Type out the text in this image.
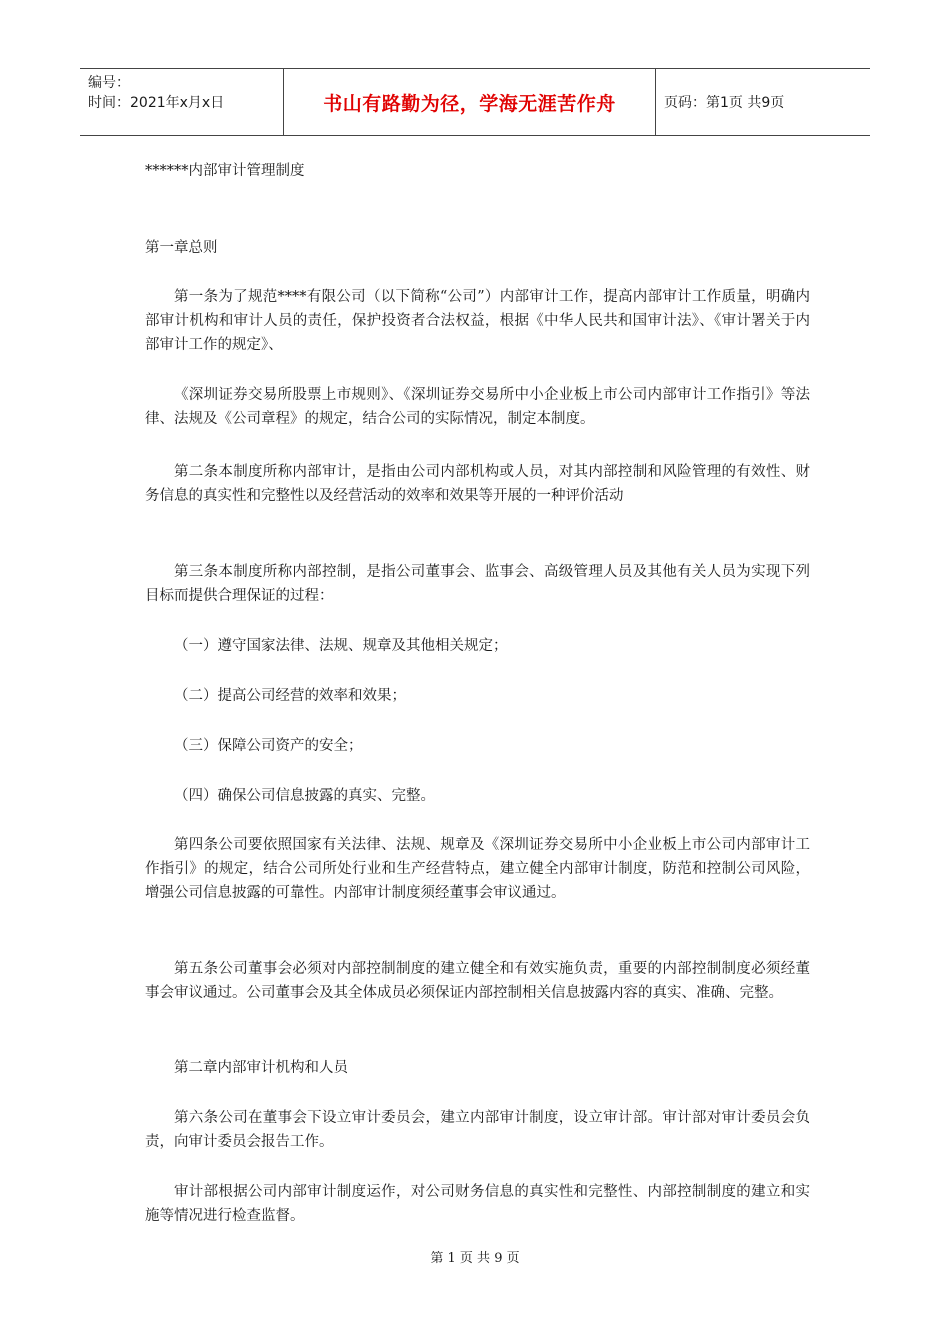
编号：
时间：2021年x月x日	书山有路勤为径，学海无涯苦作舟	页码：第1页 共9页

******内部审计管理制度

第一章总则

第一条为了规范****有限公司（以下简称“公司”）内部审计工作，提高内部审计工作质量，明确内部审计机构和审计人员的责任，保护投资者合法权益，根据《中华人民共和国审计法》、《审计署关于内部审计工作的规定》、

《深圳证券交易所股票上市规则》、《深圳证券交易所中小企业板上市公司内部审计工作指引》等法律、法规及《公司章程》的规定，结合公司的实际情况，制定本制度。

第二条本制度所称内部审计，是指由公司内部机构或人员，对其内部控制和风险管理的有效性、财务信息的真实性和完整性以及经营活动的效率和效果等开展的一种评价活动

第三条本制度所称内部控制，是指公司董事会、监事会、高级管理人员及其他有关人员为实现下列目标而提供合理保证的过程：

（一）遵守国家法律、法规、规章及其他相关规定；

（二）提高公司经营的效率和效果；

（三）保障公司资产的安全；

（四）确保公司信息披露的真实、完整。

第四条公司要依照国家有关法律、法规、规章及《深圳证券交易所中小企业板上市公司内部审计工作指引》的规定，结合公司所处行业和生产经营特点，建立健全内部审计制度，防范和控制公司风险，增强公司信息披露的可靠性。内部审计制度须经董事会审议通过。

第五条公司董事会必须对内部控制制度的建立健全和有效实施负责，重要的内部控制制度必须经董事会审议通过。公司董事会及其全体成员必须保证内部控制相关信息披露内容的真实、准确、完整。

第二章内部审计机构和人员

第六条公司在董事会下设立审计委员会，建立内部审计制度，设立审计部。审计部对审计委员会负责，向审计委员会报告工作。

审计部根据公司内部审计制度运作，对公司财务信息的真实性和完整性、内部控制制度的建立和实施等情况进行检查监督。

第 1 页 共 9 页
